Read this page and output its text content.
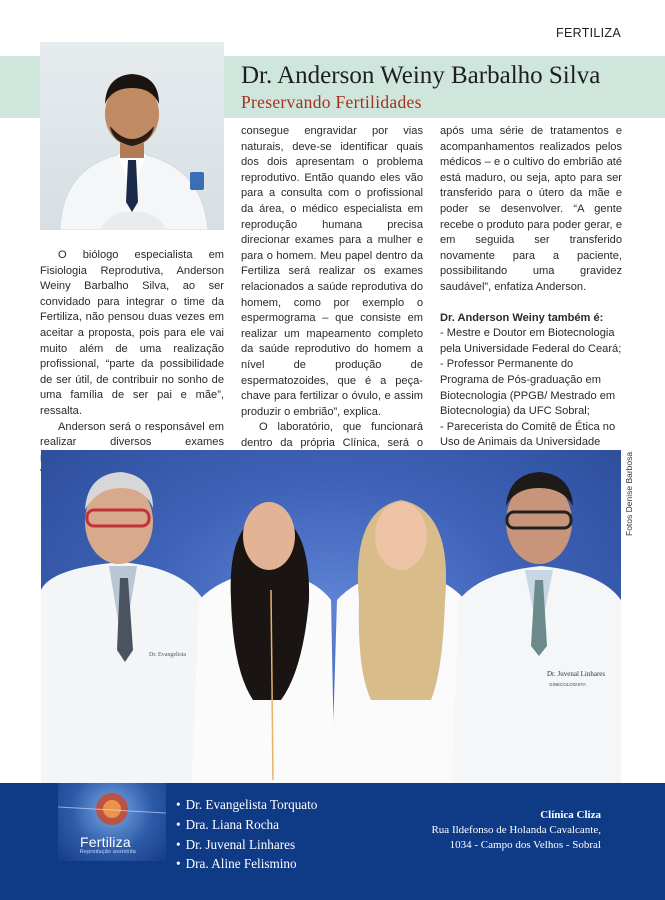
FERTILIZA
Dr. Anderson Weiny Barbalho Silva
Preservando Fertilidades

O biólogo especialista em Fisiologia Reprodutiva, Anderson Weiny Barbalho Silva, ao ser convidado para integrar o time da Fertiliza, não pensou duas vezes em aceitar a proposta, pois para ele vai muito além de uma realização profissional, “parte da possibilidade de ser útil, de contribuir no sonho de uma família de ser pai e mãe”, ressalta.

Anderson será o responsável em realizar diversos exames

consegue engravidar por vias naturais, deve-se identificar quais dos dois apresentam o problema reprodutivo. Então quando eles vão para a consulta com o profissional da área, o médico especialista em reprodução humana precisa direcionar exames para a mulher e para o homem. Meu papel dentro da Fertiliza será realizar os exames relacionados a saúde reprodutiva do homem, como por exemplo o espermograma – que consiste em realizar um mapeamento completo da saúde reprodutivo do homem a nível de produção de espermatozoides, que é a peça-chave para fertilizar o óvulo, e assim produzir o embrião”, explica.

O laboratório, que funcionará dentro da própria Clínica, será o

após uma série de tratamentos e acompanhamentos realizados pelos médicos – e o cultivo do embrião até está maduro, ou seja, apto para ser transferido para o útero da mãe e poder se desenvolver. “A gente recebe o produto para poder gerar, e em seguida ser transferido novamente para a paciente, possibilitando uma gravidez saudável”, enfatiza Anderson.

Dr. Anderson Weiny também é:

- Mestre e Doutor em Biotecnologia pela Universidade Federal do Ceará;

- Professor Permanente do Programa de Pós-graduação em Biotecnologia (PPGB/ Mestrado em Biotecnologia) da UFC Sobral;

- Parecerista do Comitê de Ética no Uso de Animais da Universidade

Dr. Evangelista
Dr. Juvenal Linhares
GINECOLOGISTA
Fotos Denise Barbosa
Fertiliza
Reprodução assistida
• Dr. Evangelista Torquato
• Dra. Liana Rocha
• Dr. Juvenal Linhares
• Dra. Aline Felismino
Clínica Cliza
Rua Ildefonso de Holanda Cavalcante,
1034 - Campo dos Velhos - Sobral
